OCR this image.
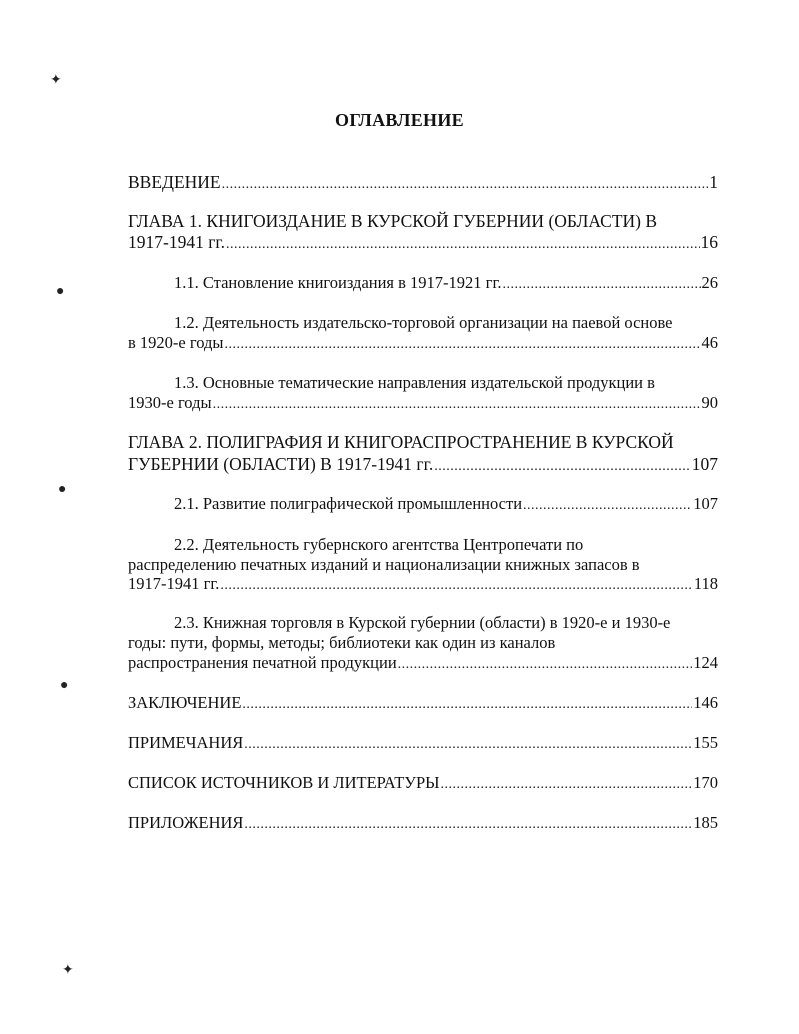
✦
●
●
●
✦
ОГЛАВЛЕНИЕ
ВВЕДЕНИЕ .....	1
ГЛАВА 1. КНИГОИЗДАНИЕ В КУРСКОЙ ГУБЕРНИИ (ОБЛАСТИ) В
1917-1941 гг. .....	16
1.1. Становление книгоиздания в 1917-1921 гг. .....	26
1.2. Деятельность издательско-торговой организации на паевой основе
в 1920-е годы .....	46
1.3. Основные тематические направления издательской продукции в
1930-е годы .....	90
ГЛАВА 2. ПОЛИГРАФИЯ И КНИГОРАСПРОСТРАНЕНИЕ В КУРСКОЙ
ГУБЕРНИИ (ОБЛАСТИ) В 1917-1941 гг. .....	107
2.1. Развитие полиграфической промышленности .....	107
2.2. Деятельность губернского агентства Центропечати по
распределению печатных изданий и национализации книжных запасов в
1917-1941 гг. .....	118
2.3. Книжная торговля в Курской губернии (области) в 1920-е и 1930-е
годы: пути, формы, методы; библиотеки как один из каналов
распространения печатной продукции .....	124
ЗАКЛЮЧЕНИЕ .....	146
ПРИМЕЧАНИЯ .....	155
СПИСОК ИСТОЧНИКОВ И ЛИТЕРАТУРЫ .....	170
ПРИЛОЖЕНИЯ .....	185
